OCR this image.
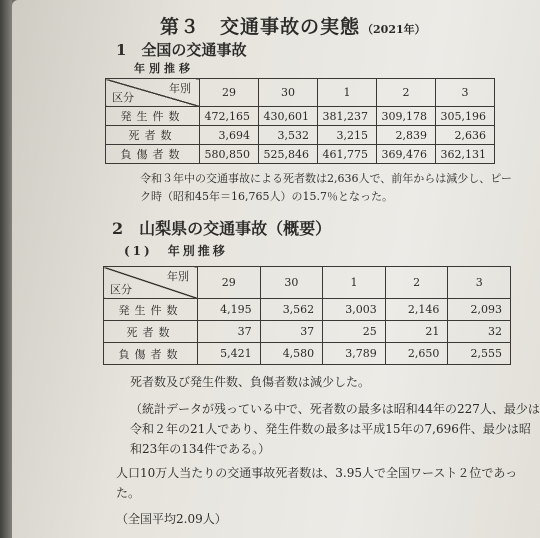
第３　交通事故の実態 （2021年）
1　全国の交通事故
年別推移
年別
区分	29	30	1	2	3
発生件数	472,165	430,601	381,237	309,178	305,196
死者数	3,694	3,532	3,215	2,839	2,636
負傷者数	580,850	525,846	461,775	369,476	362,131
令和３年中の交通事故による死者数は2,636人で、前年からは減少し、ピー
ク時（昭和45年＝16,765人）の15.7％となった。
2　山梨県の交通事故（概要）
(1)　年別推移
年別
区分	29	30	1	2	3
発生件数	4,195	3,562	3,003	2,146	2,093
死者数	37	37	25	21	32
負傷者数	5,421	4,580	3,789	2,650	2,555
死者数及び発生件数、負傷者数は減少した。
（統計データが残っている中で、死者数の最多は昭和44年の227人、最少は
令和２年の21人であり、発生件数の最多は平成15年の7,696件、最少は昭
和23年の134件である。）
人口10万人当たりの交通事故死者数は、3.95人で全国ワースト２位であっ
た。
（全国平均2.09人）
